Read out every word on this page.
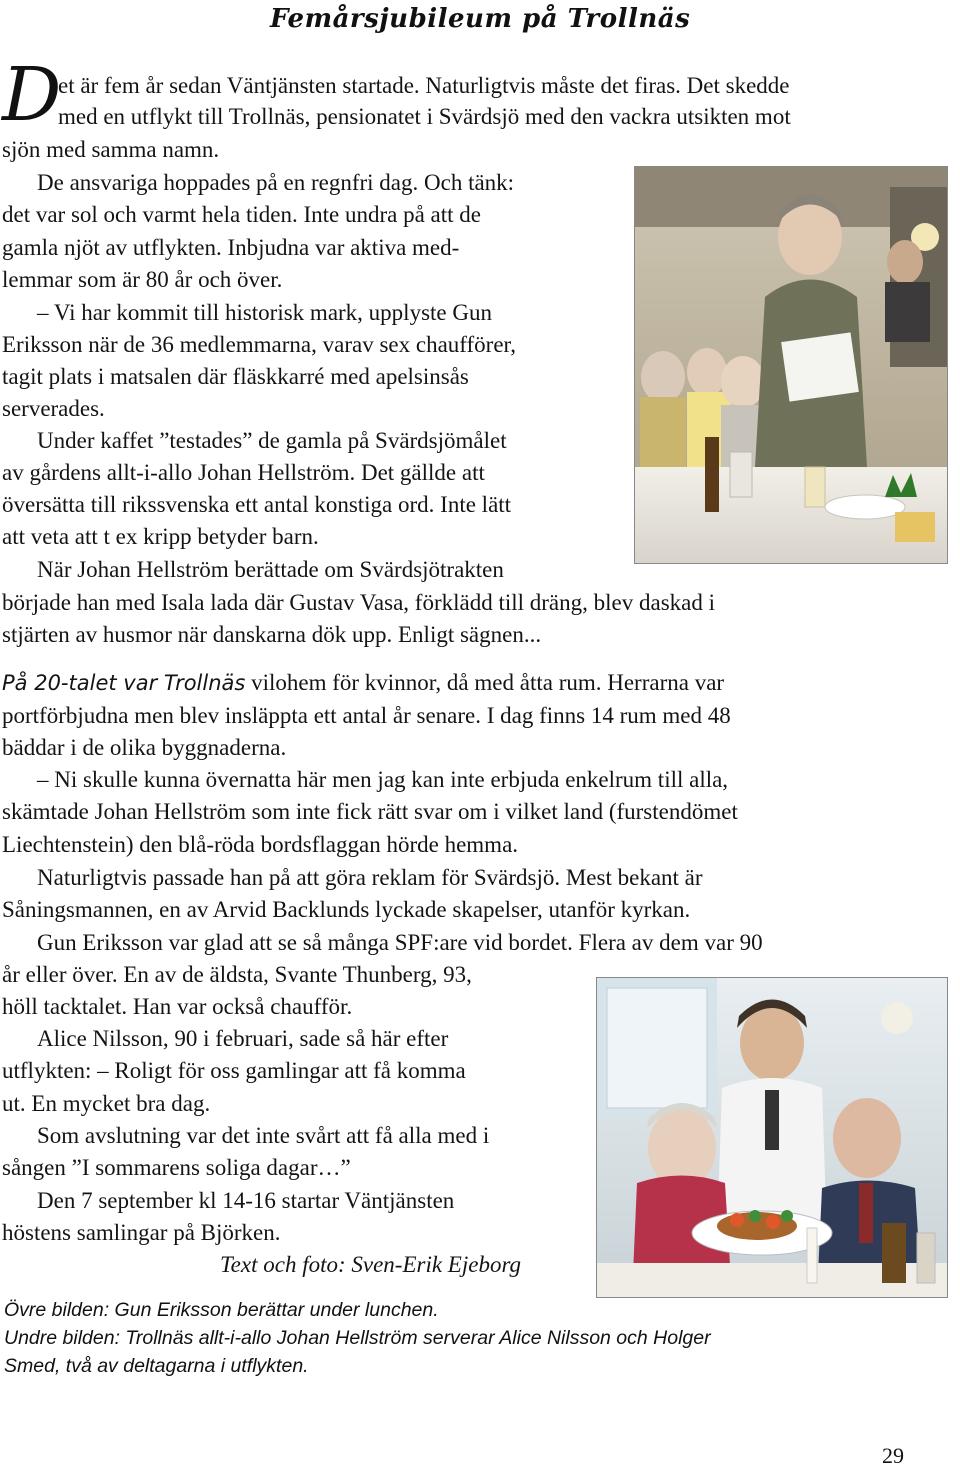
Femårsjubileum på Trollnäs
D
et är fem år sedan Väntjänsten startade. Naturligtvis måste det firas. Det skedde
med en utflykt till Trollnäs, pensionatet i Svärdsjö med den vackra utsikten mot
sjön med samma namn.
De ansvariga hoppades på en regnfri dag. Och tänk:
det var sol och varmt hela tiden. Inte undra på att de
gamla njöt av utflykten. Inbjudna var aktiva med-
lemmar som är 80 år och över.
– Vi har kommit till historisk mark, upplyste Gun
Eriksson när de 36 medlemmarna, varav sex chaufförer,
tagit plats i matsalen där fläskkarré med apelsinsås
serverades.
Under kaffet ”testades” de gamla på Svärdsjömålet
av gårdens allt-i-allo Johan Hellström. Det gällde att
översätta till rikssvenska ett antal konstiga ord. Inte lätt
att veta att t ex kripp betyder barn.
När Johan Hellström berättade om Svärdsjötrakten
började han med Isala lada där Gustav Vasa, förklädd till dräng, blev daskad i
stjärten av husmor när danskarna dök upp. Enligt sägnen...
På 20-talet var Trollnäs vilohem för kvinnor, då med åtta rum. Herrarna var
portförbjudna men blev insläppta ett antal år senare. I dag finns 14 rum med 48
bäddar i de olika byggnaderna.
– Ni skulle kunna övernatta här men jag kan inte erbjuda enkelrum till alla,
skämtade Johan Hellström som inte fick rätt svar om i vilket land (furstendömet
Liechtenstein) den blå-röda bordsflaggan hörde hemma.
Naturligtvis passade han på att göra reklam för Svärdsjö. Mest bekant är
Såningsmannen, en av Arvid Backlunds lyckade skapelser, utanför kyrkan.
Gun Eriksson var glad att se så många SPF:are vid bordet. Flera av dem var 90
år eller över. En av de äldsta, Svante Thunberg, 93,
höll tacktalet. Han var också chaufför.
Alice Nilsson, 90 i februari, sade så här efter
utflykten: – Roligt för oss gamlingar att få komma
ut. En mycket bra dag.
Som avslutning var det inte svårt att få alla med i
sången ”I sommarens soliga dagar…”
Den 7 september kl 14-16 startar Väntjänsten
höstens samlingar på Björken.
Text och foto: Sven-Erik Ejeborg
Övre bilden: Gun Eriksson berättar under lunchen.
Undre bilden: Trollnäs allt-i-allo Johan Hellström serverar Alice Nilsson och Holger
Smed, två av deltagarna i utflykten.
29
